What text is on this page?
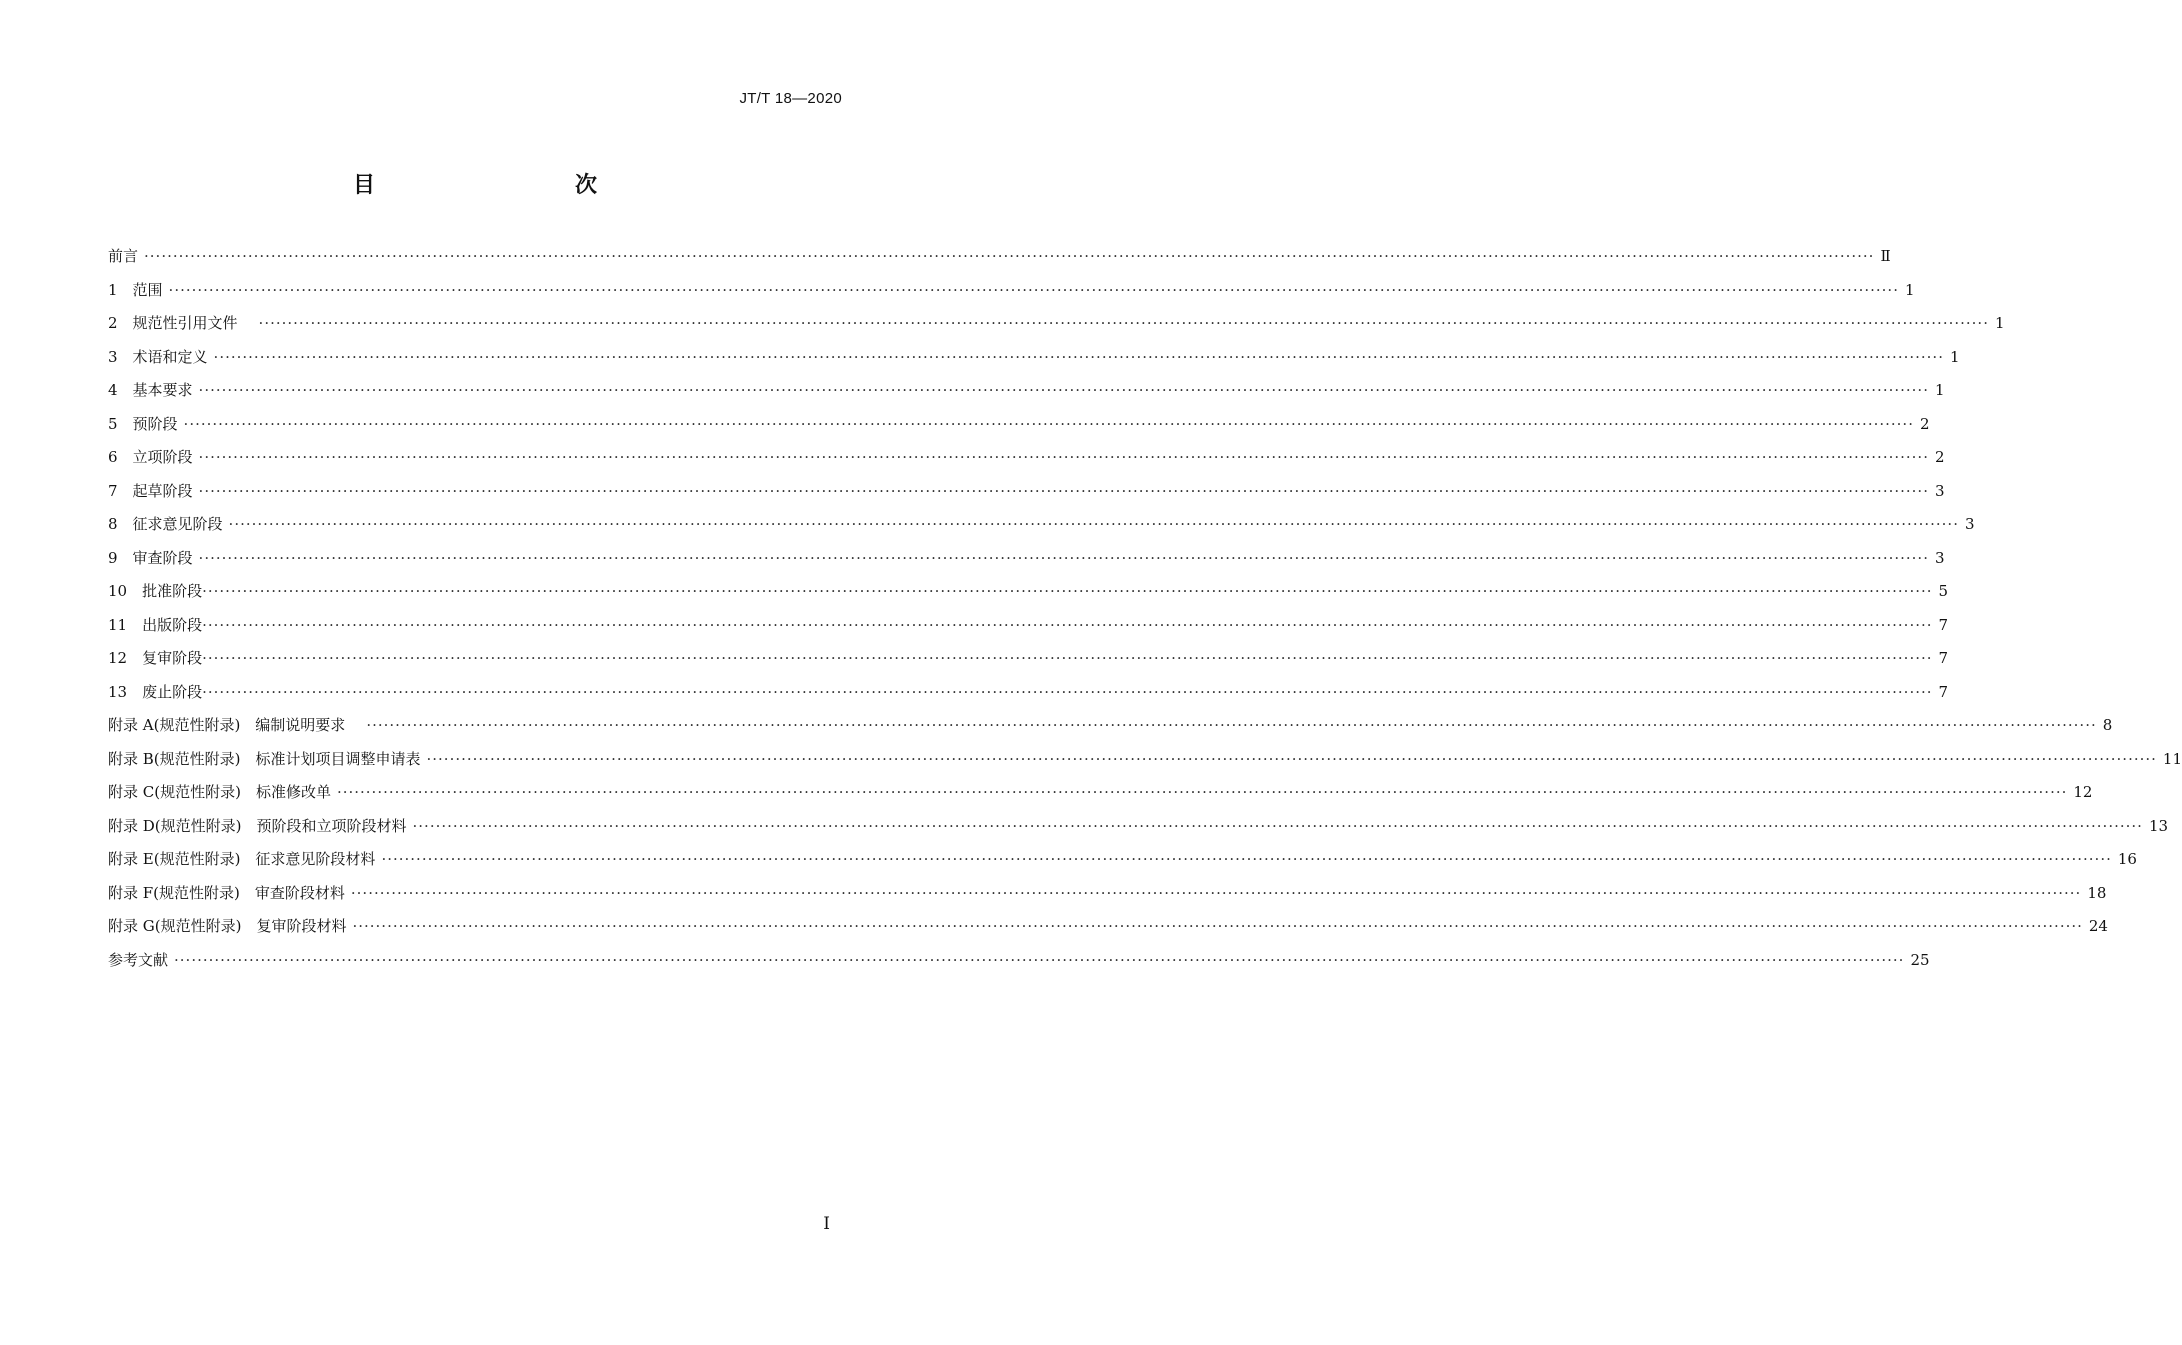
JT/T 18—2020
目　　次
前言 ············································································································································································································································································································ Ⅱ
1　范围 ············································································································································································································································································································ 1
2　规范性引用文件　 ············································································································································································································································································································ 1
3　术语和定义 ············································································································································································································································································································ 1
4　基本要求 ············································································································································································································································································································ 1
5　预阶段 ············································································································································································································································································································ 2
6　立项阶段 ············································································································································································································································································································ 2
7　起草阶段 ············································································································································································································································································································ 3
8　征求意见阶段 ············································································································································································································································································································ 3
9　审查阶段 ············································································································································································································································································································ 3
10　批准阶段 ············································································································································································································································································································ 5
11　出版阶段 ············································································································································································································································································································ 7
12　复审阶段 ············································································································································································································································································································ 7
13　废止阶段 ············································································································································································································································································································ 7
附录 A(规范性附录)　编制说明要求　 ············································································································································································································································································································ 8
附录 B(规范性附录)　标准计划项目调整申请表 ············································································································································································································································································································ 11
附录 C(规范性附录)　标准修改单 ············································································································································································································································································································ 12
附录 D(规范性附录)　预阶段和立项阶段材料 ············································································································································································································································································································ 13
附录 E(规范性附录)　征求意见阶段材料 ············································································································································································································································································································ 16
附录 F(规范性附录)　审查阶段材料 ············································································································································································································································································································ 18
附录 G(规范性附录)　复审阶段材料 ············································································································································································································································································································ 24
参考文献 ············································································································································································································································································································ 25
Ⅰ
